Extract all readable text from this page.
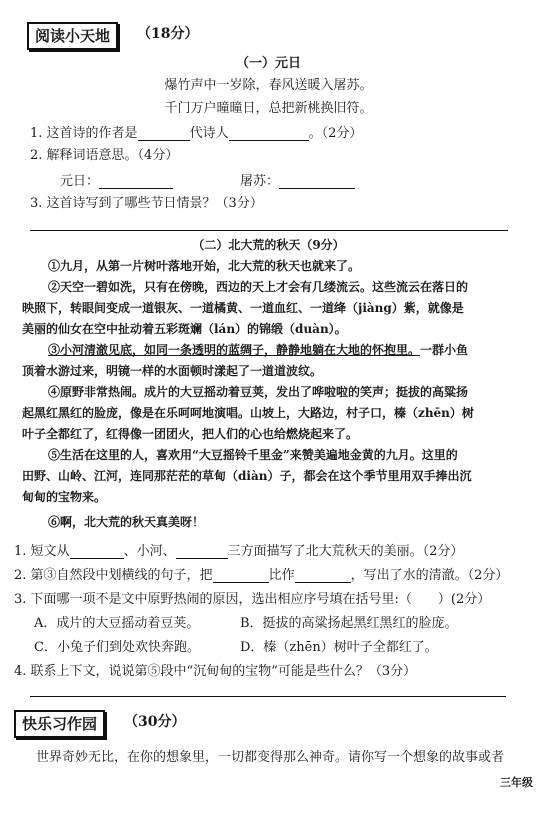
阅读小天地	（18分）
（一）元日
爆竹声中一岁除，春风送暖入屠苏。
千门万户曈曈日，总把新桃换旧符。
1. 这首诗的作者是	代诗人	。（2分）
2. 解释词语意思。（4分）
元日：	屠苏：
3. 这首诗写到了哪些节日情景？（3分）
（二）北大荒的秋天（9分）
①九月，从第一片树叶落地开始，北大荒的秋天也就来了。
②天空一碧如洗，只有在傍晚，西边的天上才会有几缕流云。这些流云在落日的
映照下，转眼间变成一道银灰、一道橘黄、一道血红、一道绛（jiàng）紫，就像是
美丽的仙女在空中扯动着五彩斑斓（lán）的锦缎（duàn）。
③小河清澈见底，如同一条透明的蓝绸子，静静地躺在大地的怀抱里。一群小鱼
顶着水游过来，明镜一样的水面顿时漾起了一道道波纹。
④原野非常热闹。成片的大豆摇动着豆荚，发出了哗啦啦的笑声；挺拔的高粱扬
起黑红黑红的脸庞，像是在乐呵呵地演唱。山坡上，大路边，村子口，榛（zhēn）树
叶子全都红了，红得像一团团火，把人们的心也给燃烧起来了。
⑤生活在这里的人，喜欢用“大豆摇铃千里金”来赞美遍地金黄的九月。这里的
田野、山岭、江河，连同那茫茫的草甸（diàn）子，都会在这个季节里用双手捧出沉
甸甸的宝物来。
⑥啊，北大荒的秋天真美呀！
1. 短文从	、小河、	三方面描写了北大荒秋天的美丽。（2分）
2. 第③自然段中划横线的句子，把	比作	，写出了水的清澈。（2分）
3. 下面哪一项不是文中原野热闹的原因，选出相应序号填在括号里:（　　）(2分）
A．成片的大豆摇动着豆荚。	B．挺拔的高粱扬起黑红黑红的脸庞。
C．小兔子们到处欢快奔跑。	D．榛（zhēn）树叶子全都红了。
4. 联系上下文，说说第⑤段中“沉甸甸的宝物”可能是些什么？（3分）
快乐习作园	（30分）
世界奇妙无比，在你的想象里，一切都变得那么神奇。请你写一个想象的故事或者
三年级
